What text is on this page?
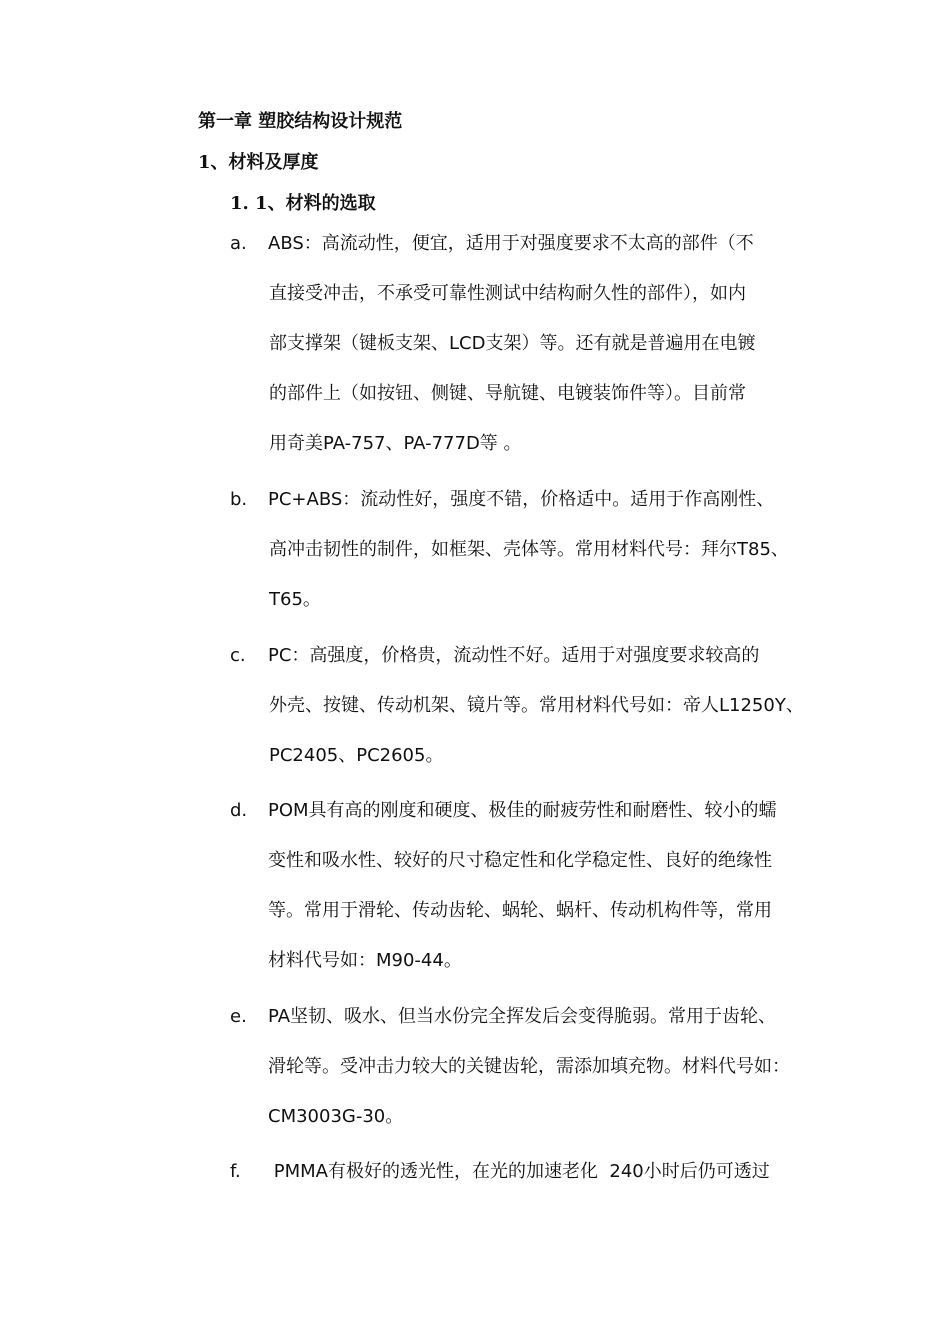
第一章 塑胶结构设计规范
1、材料及厚度
1. 1、材料的选取
a. ABS：高流动性，便宜，适用于对强度要求不太高的部件（不
直接受冲击，不承受可靠性测试中结构耐久性的部件），如内
部支撑架（键板支架、LCD支架）等。还有就是普遍用在电镀
的部件上（如按钮、侧键、导航键、电镀装饰件等）。目前常
用奇美PA-757、PA-777D等 。
b. PC+ABS：流动性好，强度不错，价格适中。适用于作高刚性、
高冲击韧性的制件，如框架、壳体等。常用材料代号：拜尔T85、
T65。
c. PC：高强度，价格贵，流动性不好。适用于对强度要求较高的
外壳、按键、传动机架、镜片等。常用材料代号如：帝人L1250Y、
PC2405、PC2605。
d. POM具有高的刚度和硬度、极佳的耐疲劳性和耐磨性、较小的蠕
变性和吸水性、较好的尺寸稳定性和化学稳定性、良好的绝缘性
等。常用于滑轮、传动齿轮、蜗轮、蜗杆、传动机构件等，常用
材料代号如：M90-44。
e. PA坚韧、吸水、但当水份完全挥发后会变得脆弱。常用于齿轮、
滑轮等。受冲击力较大的关键齿轮，需添加填充物。材料代号如：
CM3003G-30。
f. PMMA有极好的透光性，在光的加速老化  240小时后仍可透过
